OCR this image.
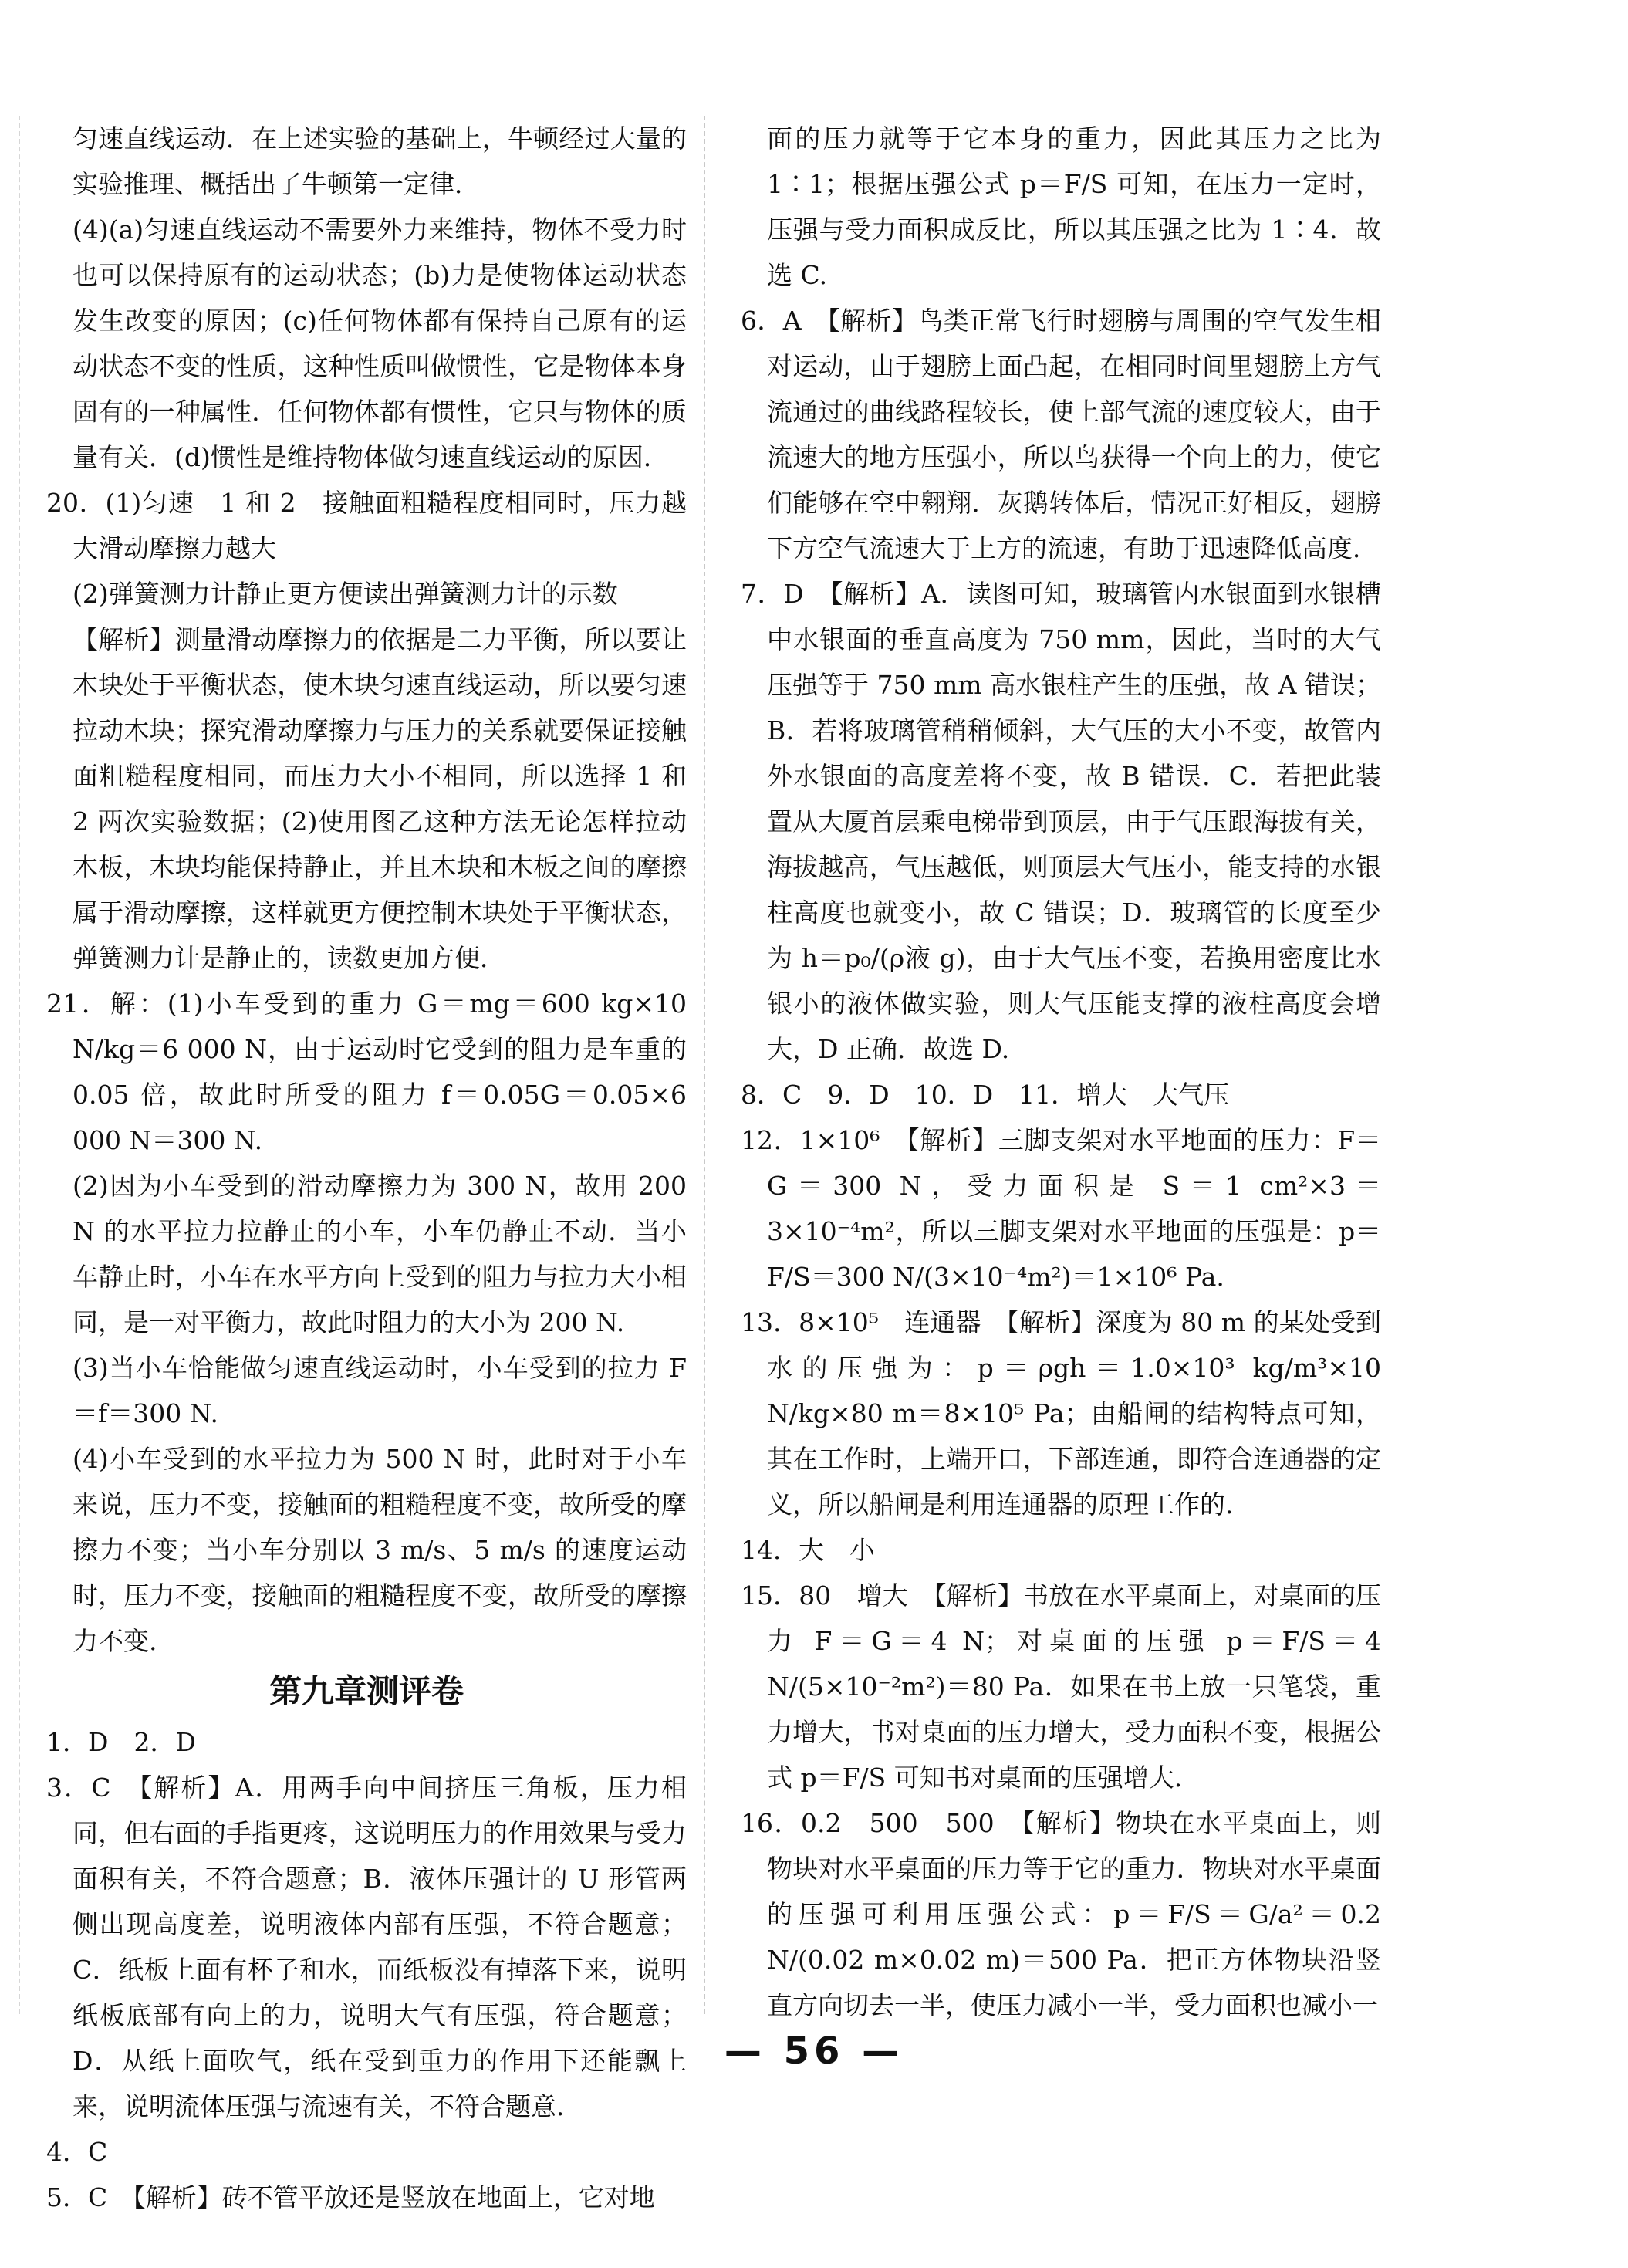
匀速直线运动．在上述实验的基础上，牛顿经过大量的实验推理、概括出了牛顿第一定律．

(4)(a)匀速直线运动不需要外力来维持，物体不受力时也可以保持原有的运动状态；(b)力是使物体运动状态发生改变的原因；(c)任何物体都有保持自己原有的运动状态不变的性质，这种性质叫做惯性，它是物体本身固有的一种属性．任何物体都有惯性，它只与物体的质量有关．(d)惯性是维持物体做匀速直线运动的原因．

20．(1)匀速　1 和 2　接触面粗糙程度相同时，压力越大滑动摩擦力越大

(2)弹簧测力计静止更方便读出弹簧测力计的示数

【解析】测量滑动摩擦力的依据是二力平衡，所以要让木块处于平衡状态，使木块匀速直线运动，所以要匀速拉动木块；探究滑动摩擦力与压力的关系就要保证接触面粗糙程度相同，而压力大小不相同，所以选择 1 和 2 两次实验数据；(2)使用图乙这种方法无论怎样拉动木板，木块均能保持静止，并且木块和木板之间的摩擦属于滑动摩擦，这样就更方便控制木块处于平衡状态，弹簧测力计是静止的，读数更加方便．

21．解：(1)小车受到的重力 G＝mg＝600 kg×10 N/kg＝6 000 N，由于运动时它受到的阻力是车重的 0.05 倍，故此时所受的阻力 f＝0.05G＝0.05×6 000 N＝300 N.

(2)因为小车受到的滑动摩擦力为 300 N，故用 200 N 的水平拉力拉静止的小车，小车仍静止不动．当小车静止时，小车在水平方向上受到的阻力与拉力大小相同，是一对平衡力，故此时阻力的大小为 200 N.

(3)当小车恰能做匀速直线运动时，小车受到的拉力 F＝f＝300 N.

(4)小车受到的水平拉力为 500 N 时，此时对于小车来说，压力不变，接触面的粗糙程度不变，故所受的摩擦力不变；当小车分别以 3 m/s、5 m/s 的速度运动时，压力不变，接触面的粗糙程度不变，故所受的摩擦力不变.

第九章测评卷

1．D　2．D

3．C　【解析】A．用两手向中间挤压三角板，压力相同，但右面的手指更疼，这说明压力的作用效果与受力面积有关，不符合题意；B．液体压强计的 U 形管两侧出现高度差，说明液体内部有压强，不符合题意；C．纸板上面有杯子和水，而纸板没有掉落下来，说明纸板底部有向上的力，说明大气有压强，符合题意；D．从纸上面吹气，纸在受到重力的作用下还能飘上来，说明流体压强与流速有关，不符合题意．

4．C

5．C　【解析】砖不管平放还是竖放在地面上，它对地

面的压力就等于它本身的重力，因此其压力之比为 1∶1；根据压强公式 p＝F/S 可知，在压力一定时，压强与受力面积成反比，所以其压强之比为 1∶4．故选 C.

6．A　【解析】鸟类正常飞行时翅膀与周围的空气发生相对运动，由于翅膀上面凸起，在相同时间里翅膀上方气流通过的曲线路程较长，使上部气流的速度较大，由于流速大的地方压强小，所以鸟获得一个向上的力，使它们能够在空中翱翔．灰鹅转体后，情况正好相反，翅膀下方空气流速大于上方的流速，有助于迅速降低高度．

7．D　【解析】A．读图可知，玻璃管内水银面到水银槽中水银面的垂直高度为 750 mm，因此，当时的大气压强等于 750 mm 高水银柱产生的压强，故 A 错误；B．若将玻璃管稍稍倾斜，大气压的大小不变，故管内外水银面的高度差将不变，故 B 错误．C．若把此装置从大厦首层乘电梯带到顶层，由于气压跟海拔有关，海拔越高，气压越低，则顶层大气压小，能支持的水银柱高度也就变小，故 C 错误；D．玻璃管的长度至少为 h＝p₀/(ρ液 g)，由于大气压不变，若换用密度比水银小的液体做实验，则大气压能支撑的液柱高度会增大，D 正确．故选 D.

8．C　9．D　10．D　11．增大　大气压

12．1×10⁶　【解析】三脚支架对水平地面的压力：F＝G＝300 N，受力面积是 S＝1 cm²×3＝3×10⁻⁴m²，所以三脚支架对水平地面的压强是：p＝F/S＝300 N/(3×10⁻⁴m²)＝1×10⁶ Pa.

13．8×10⁵　连通器　【解析】深度为 80 m 的某处受到水的压强为：p＝ρgh＝1.0×10³ kg/m³×10 N/kg×80 m＝8×10⁵ Pa；由船闸的结构特点可知，其在工作时，上端开口，下部连通，即符合连通器的定义，所以船闸是利用连通器的原理工作的.

14．大　小

15．80　增大　【解析】书放在水平桌面上，对桌面的压力 F＝G＝4 N；对桌面的压强 p＝F/S＝4 N/(5×10⁻²m²)＝80 Pa．如果在书上放一只笔袋，重力增大，书对桌面的压力增大，受力面积不变，根据公式 p＝F/S 可知书对桌面的压强增大.

16．0.2　500　500　【解析】物块在水平桌面上，则物块对水平桌面的压力等于它的重力．物块对水平桌面的压强可利用压强公式：p＝F/S＝G/a²＝0.2 N/(0.02 m×0.02 m)＝500 Pa．把正方体物块沿竖直方向切去一半，使压力减小一半，受力面积也减小一

— 56 —
